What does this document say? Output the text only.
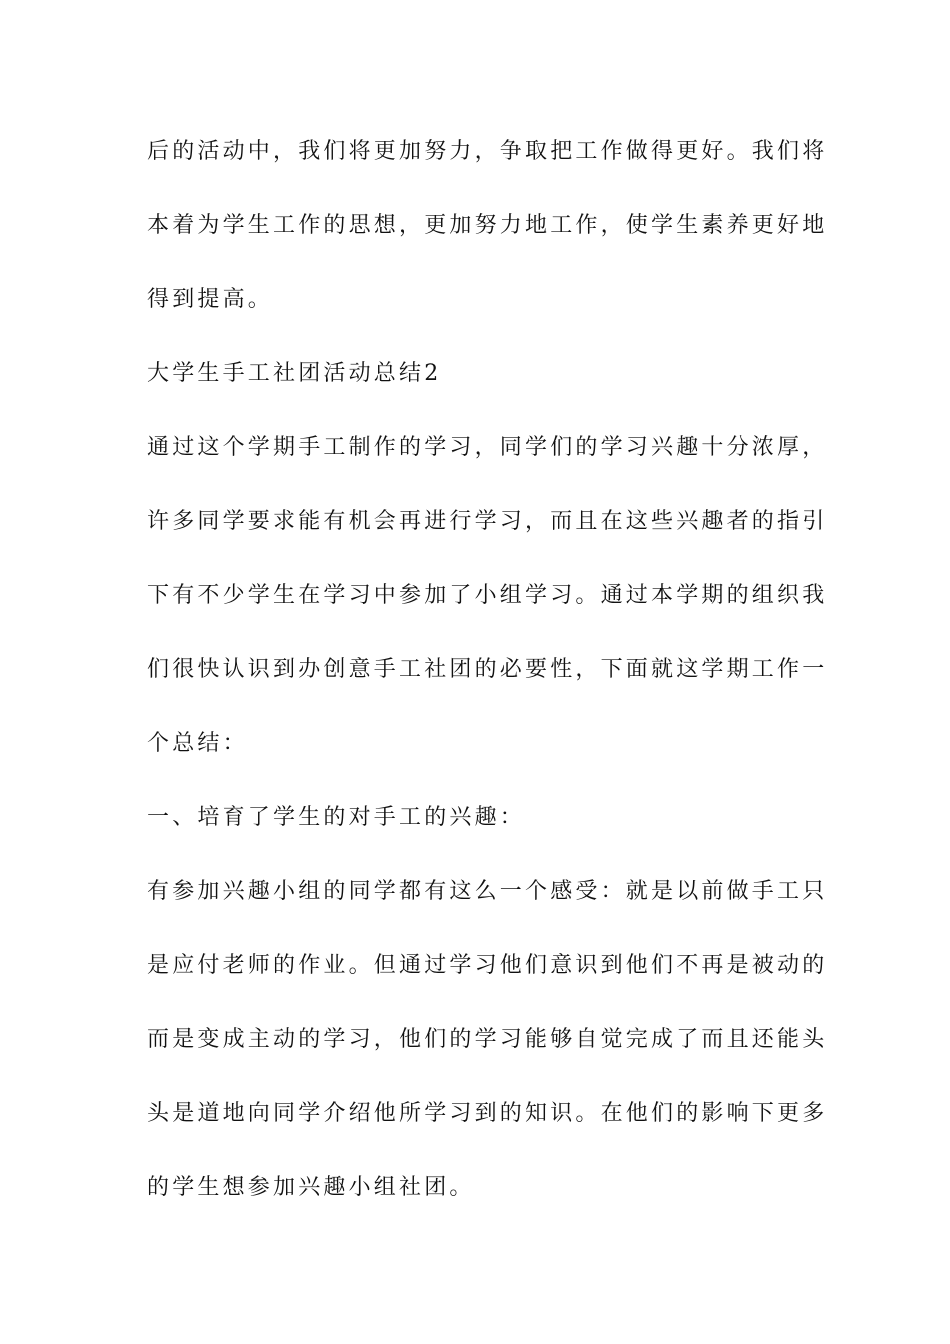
后的活动中，我们将更加努力，争取把工作做得更好。我们将
本着为学生工作的思想，更加努力地工作，使学生素养更好地
得到提高。
大学生手工社团活动总结2
通过这个学期手工制作的学习，同学们的学习兴趣十分浓厚，
许多同学要求能有机会再进行学习，而且在这些兴趣者的指引
下有不少学生在学习中参加了小组学习。通过本学期的组织我
们很快认识到办创意手工社团的必要性，下面就这学期工作一
个总结：
一、培育了学生的对手工的兴趣：
有参加兴趣小组的同学都有这么一个感受：就是以前做手工只
是应付老师的作业。但通过学习他们意识到他们不再是被动的
而是变成主动的学习，他们的学习能够自觉完成了而且还能头
头是道地向同学介绍他所学习到的知识。在他们的影响下更多
的学生想参加兴趣小组社团。
